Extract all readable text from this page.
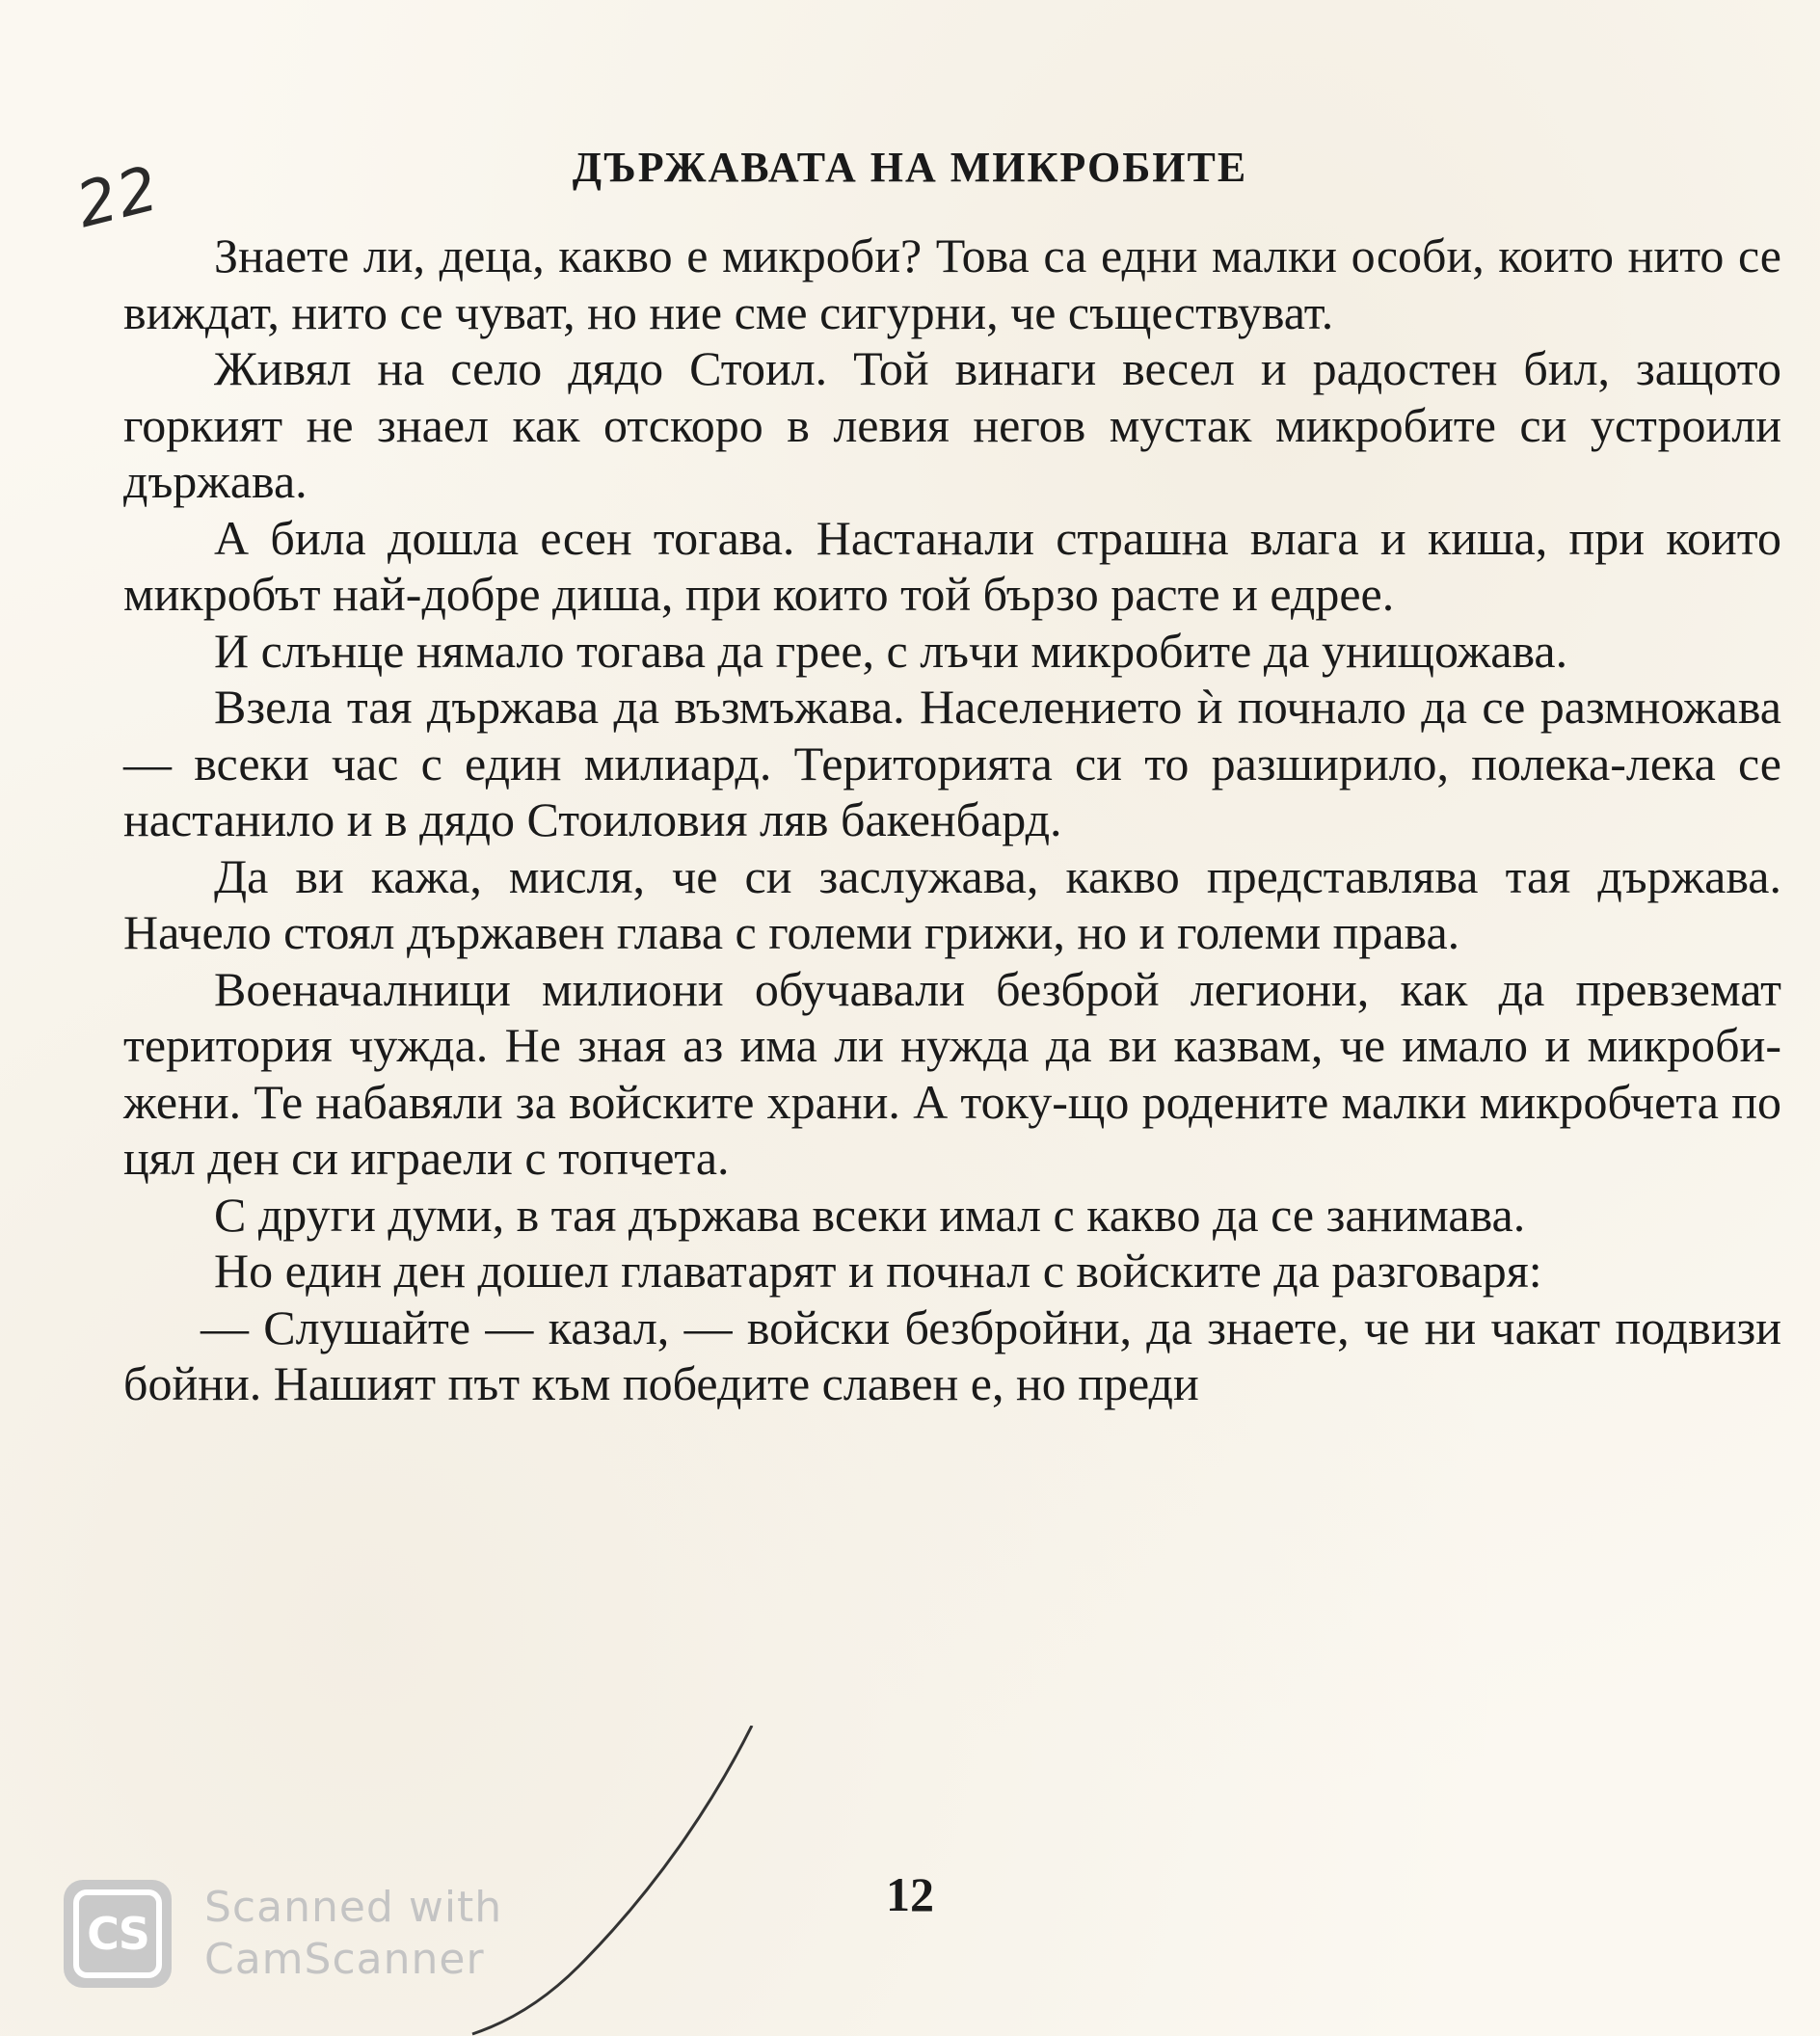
22	ДЪРЖАВАТА НА МИКРОБИТЕ

Знаете ли, деца, какво е микроби? Това са едни малки особи, които нито се виждат, нито се чуват, но ние сме сигурни, че съществуват.

Живял на село дядо Стоил. Той винаги весел и радостен бил, защото горкият не знаел как отскоро в левия негов мустак микробите си устроили държава.

А била дошла есен тогава. Настанали страшна влага и киша, при които микробът най-добре диша, при които той бързо расте и едрее.

И слънце нямало тогава да грее, с лъчи микробите да унищожава.

Взела тая държава да възмъжава. Населението ѝ почнало да се размножава — всеки час с един милиард. Територията си то разширило, полека-лека се настанило и в дядо Стоиловия ляв бакенбард.

Да ви кажа, мисля, че си заслужава, какво представлява тая държава. Начело стоял държавен глава с големи грижи, но и големи права.

Военачалници милиони обучавали безброй легиони, как да превземат територия чужда. Не зная аз има ли нужда да ви казвам, че имало и микроби-жени. Те набавяли за войските храни. А току-що родените малки микробчета по цял ден си играели с топчета.

С други думи, в тая държава всеки имал с какво да се занимава.

Но един ден дошел главатарят и почнал с войските да разговаря:

— Слушайте — казал, — войски безбройни, да знаете, че ни чакат подвизи бойни. Нашият път към победите славен е, но преди

12
CS
Scanned with
CamScanner
